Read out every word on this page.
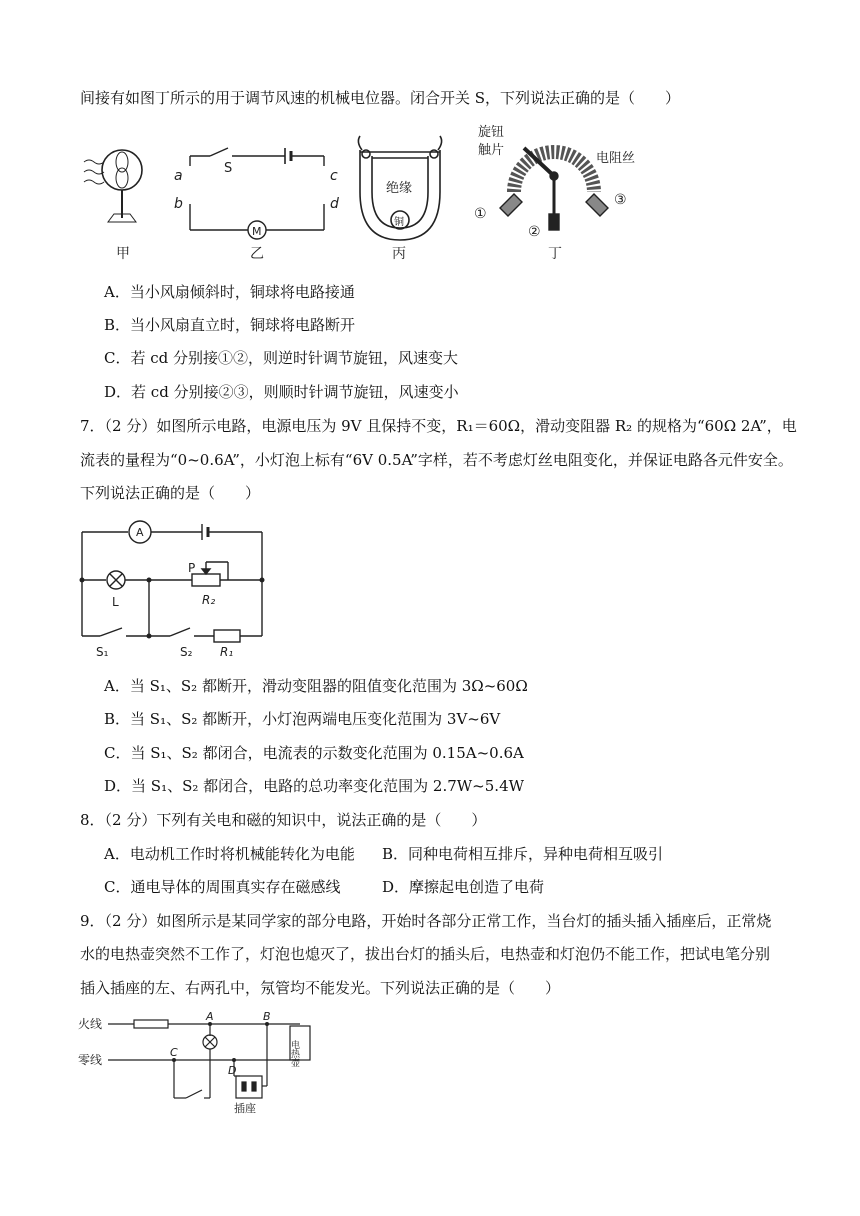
间接有如图丁所示的用于调节风速的机械电位器。闭合开关 S，下列说法正确的是（　　）
甲
a
b
c
d
S
M
乙
绝缘
铜
丙
旋钮
触片
电阻丝
①
②
③
丁
A．当小风扇倾斜时，铜球将电路接通
B．当小风扇直立时，铜球将电路断开
C．若 cd 分别接①②，则逆时针调节旋钮，风速变大
D．若 cd 分别接②③，则顺时针调节旋钮，风速变小
7．（2 分）如图所示电路，电源电压为 9V 且保持不变，R₁＝60Ω，滑动变阻器 R₂ 的规格为“60Ω 2A”，电
流表的量程为“0~0.6A”，小灯泡上标有“6V 0.5A”字样，若不考虑灯丝电阻变化，并保证电路各元件安全。
下列说法正确的是（　　）
A
P
L	R₂
S₁	S₂ R₁
A．当 S₁、S₂ 都断开，滑动变阻器的阻值变化范围为 3Ω~60Ω
B．当 S₁、S₂ 都断开，小灯泡两端电压变化范围为 3V~6V
C．当 S₁、S₂ 都闭合，电流表的示数变化范围为 0.15A~0.6A
D．当 S₁、S₂ 都闭合，电路的总功率变化范围为 2.7W~5.4W
8．（2 分）下列有关电和磁的知识中，说法正确的是（　　）
A．电动机工作时将机械能转化为电能 B．同种电荷相互排斥，异种电荷相互吸引
C．通电导体的周围真实存在磁感线	D．摩擦起电创造了电荷
9．（2 分）如图所示是某同学家的部分电路，开始时各部分正常工作，当台灯的插头插入插座后，正常烧
水的电热壶突然不工作了，灯泡也熄灭了，拔出台灯的插头后，电热壶和灯泡仍不能工作，把试电笔分别
插入插座的左、右两孔中，氖管均不能发光。下列说法正确的是（　　）
火线
零线
A	B
C
D
电热壶
插座
